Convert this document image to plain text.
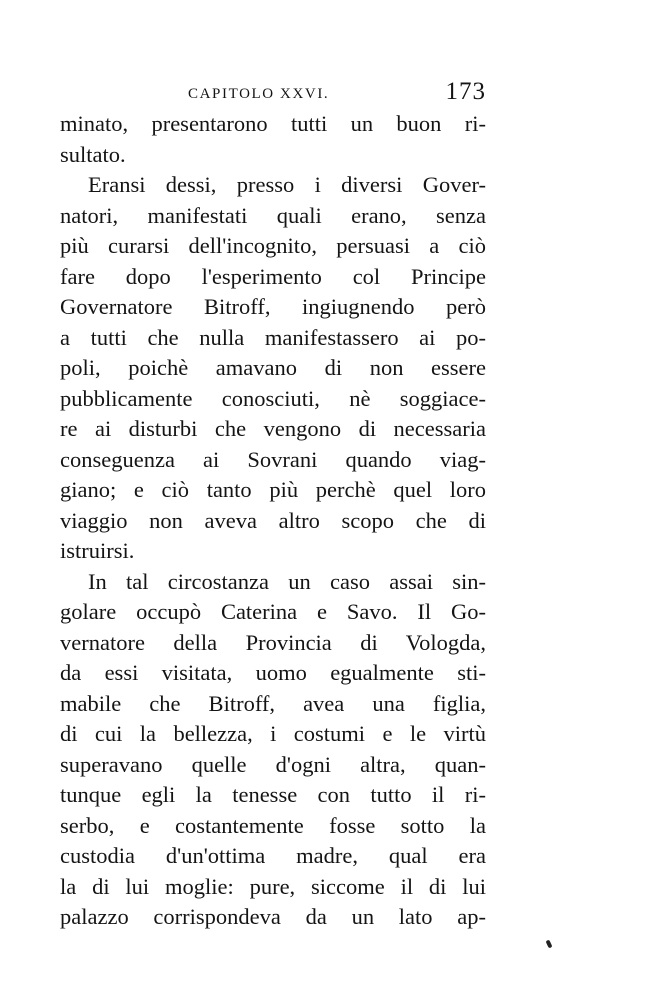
CAPITOLO XXVI.	173
minato, presentarono tutti un buon ri-
sultato.
Eransi dessi, presso i diversi Gover-
natori, manifestati quali erano, senza
più curarsi dell'incognito, persuasi a ciò
fare dopo l'esperimento col Principe
Governatore Bitroff, ingiugnendo però
a tutti che nulla manifestassero ai po-
poli, poichè amavano di non essere
pubblicamente conosciuti, nè soggiace-
re ai disturbi che vengono di necessaria
conseguenza ai Sovrani quando viag-
giano; e ciò tanto più perchè quel loro
viaggio non aveva altro scopo che di
istruirsi.
In tal circostanza un caso assai sin-
golare occupò Caterina e Savo. Il Go-
vernatore della Provincia di Vologda,
da essi visitata, uomo egualmente sti-
mabile che Bitroff, avea una figlia,
di cui la bellezza, i costumi e le virtù
superavano quelle d'ogni altra, quan-
tunque egli la tenesse con tutto il ri-
serbo, e costantemente fosse sotto la
custodia d'un'ottima madre, qual era
la di lui moglie: pure, siccome il di lui
palazzo corrispondeva da un lato ap-
